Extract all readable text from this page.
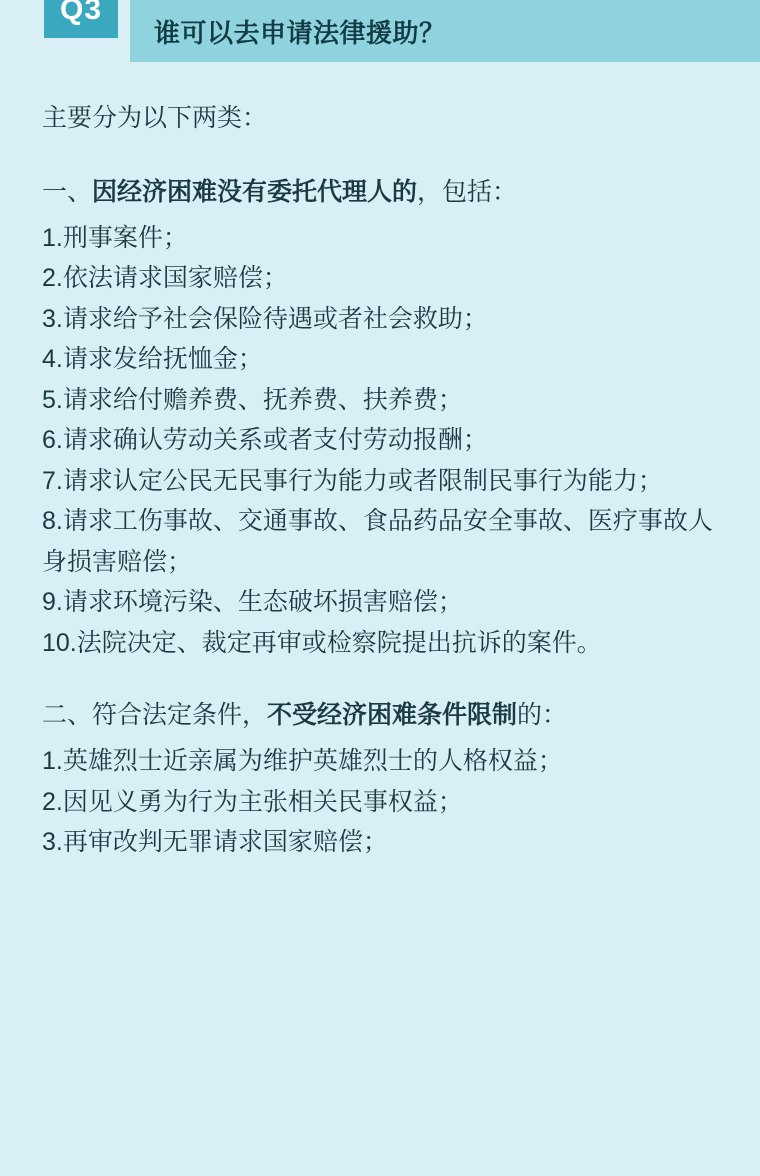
Q3
谁可以去申请法律援助？
主要分为以下两类：
一、因经济困难没有委托代理人的，包括：

1.刑事案件；

2.依法请求国家赔偿；

3.请求给予社会保险待遇或者社会救助；

4.请求发给抚恤金；

5.请求给付赡养费、抚养费、扶养费；

6.请求确认劳动关系或者支付劳动报酬；

7.请求认定公民无民事行为能力或者限制民事行为能力；

8.请求工伤事故、交通事故、食品药品安全事故、医疗事故人身损害赔偿；

9.请求环境污染、生态破坏损害赔偿；

10.法院决定、裁定再审或检察院提出抗诉的案件。

二、符合法定条件，不受经济困难条件限制的：

1.英雄烈士近亲属为维护英雄烈士的人格权益；

2.因见义勇为行为主张相关民事权益；

3.再审改判无罪请求国家赔偿；
